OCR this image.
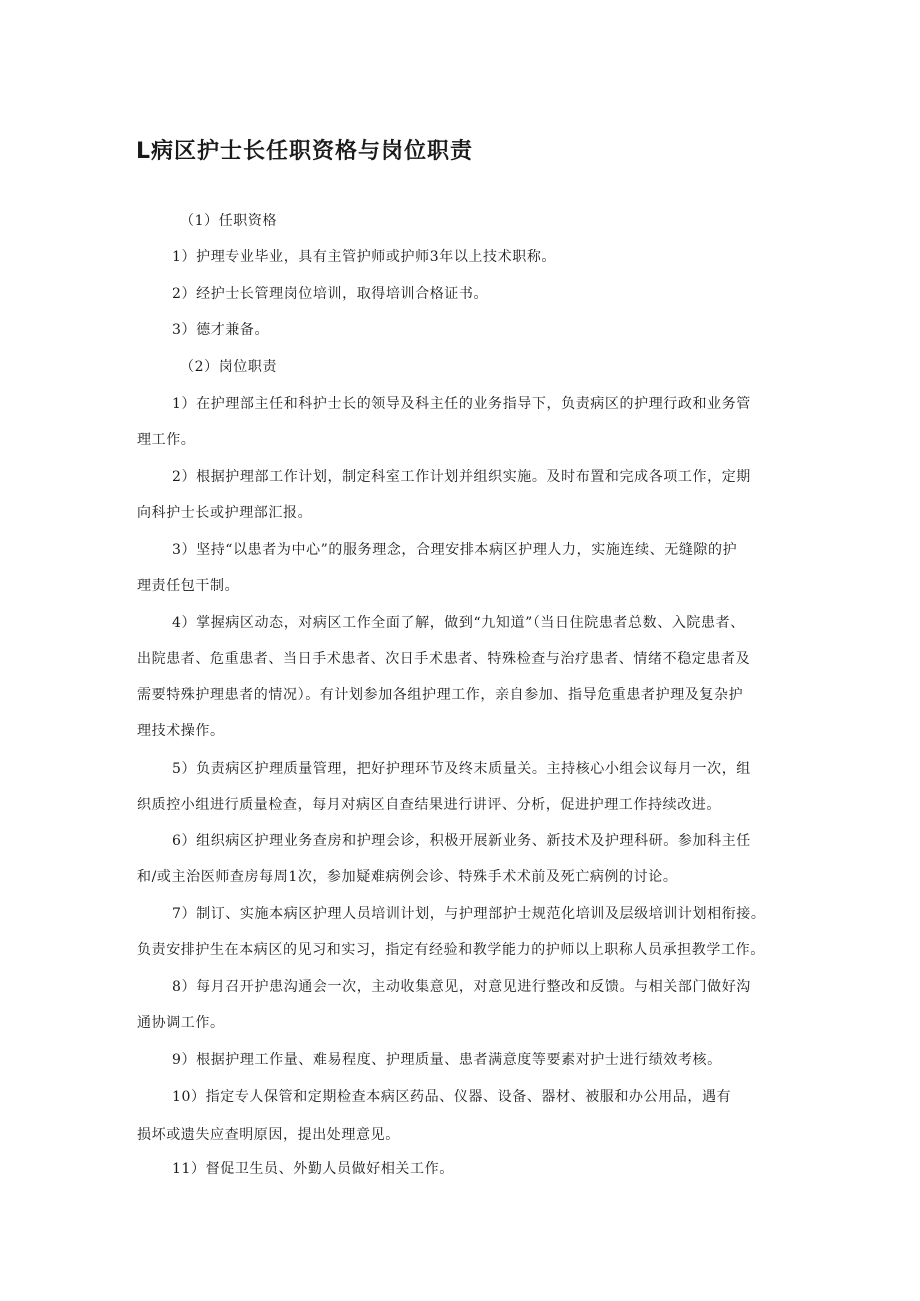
L病区护士长任职资格与岗位职责
（1）任职资格
1）护理专业毕业，具有主管护师或护师3年以上技术职称。
2）经护士长管理岗位培训，取得培训合格证书。
3）德才兼备。
（2）岗位职责
1）在护理部主任和科护士长的领导及科主任的业务指导下，负责病区的护理行政和业务管
理工作。
2）根据护理部工作计划，制定科室工作计划并组织实施。及时布置和完成各项工作，定期
向科护士长或护理部汇报。
3）坚持“以患者为中心”的服务理念，合理安排本病区护理人力，实施连续、无缝隙的护
理责任包干制。
4）掌握病区动态，对病区工作全面了解，做到“九知道”（当日住院患者总数、入院患者、
出院患者、危重患者、当日手术患者、次日手术患者、特殊检查与治疗患者、情绪不稳定患者及
需要特殊护理患者的情况）。有计划参加各组护理工作，亲自参加、指导危重患者护理及复杂护
理技术操作。
5）负责病区护理质量管理，把好护理环节及终末质量关。主持核心小组会议每月一次，组
织质控小组进行质量检查，每月对病区自查结果进行讲评、分析，促进护理工作持续改进。
6）组织病区护理业务查房和护理会诊，积极开展新业务、新技术及护理科研。参加科主任
和/或主治医师查房每周1次，参加疑难病例会诊、特殊手术术前及死亡病例的讨论。
7）制订、实施本病区护理人员培训计划，与护理部护士规范化培训及层级培训计划相衔接。
负责安排护生在本病区的见习和实习，指定有经验和教学能力的护师以上职称人员承担教学工作。
8）每月召开护患沟通会一次，主动收集意见，对意见进行整改和反馈。与相关部门做好沟
通协调工作。
9）根据护理工作量、难易程度、护理质量、患者满意度等要素对护士进行绩效考核。
10）指定专人保管和定期检查本病区药品、仪器、设备、器材、被服和办公用品，遇有
损坏或遗失应查明原因，提出处理意见。
11）督促卫生员、外勤人员做好相关工作。
